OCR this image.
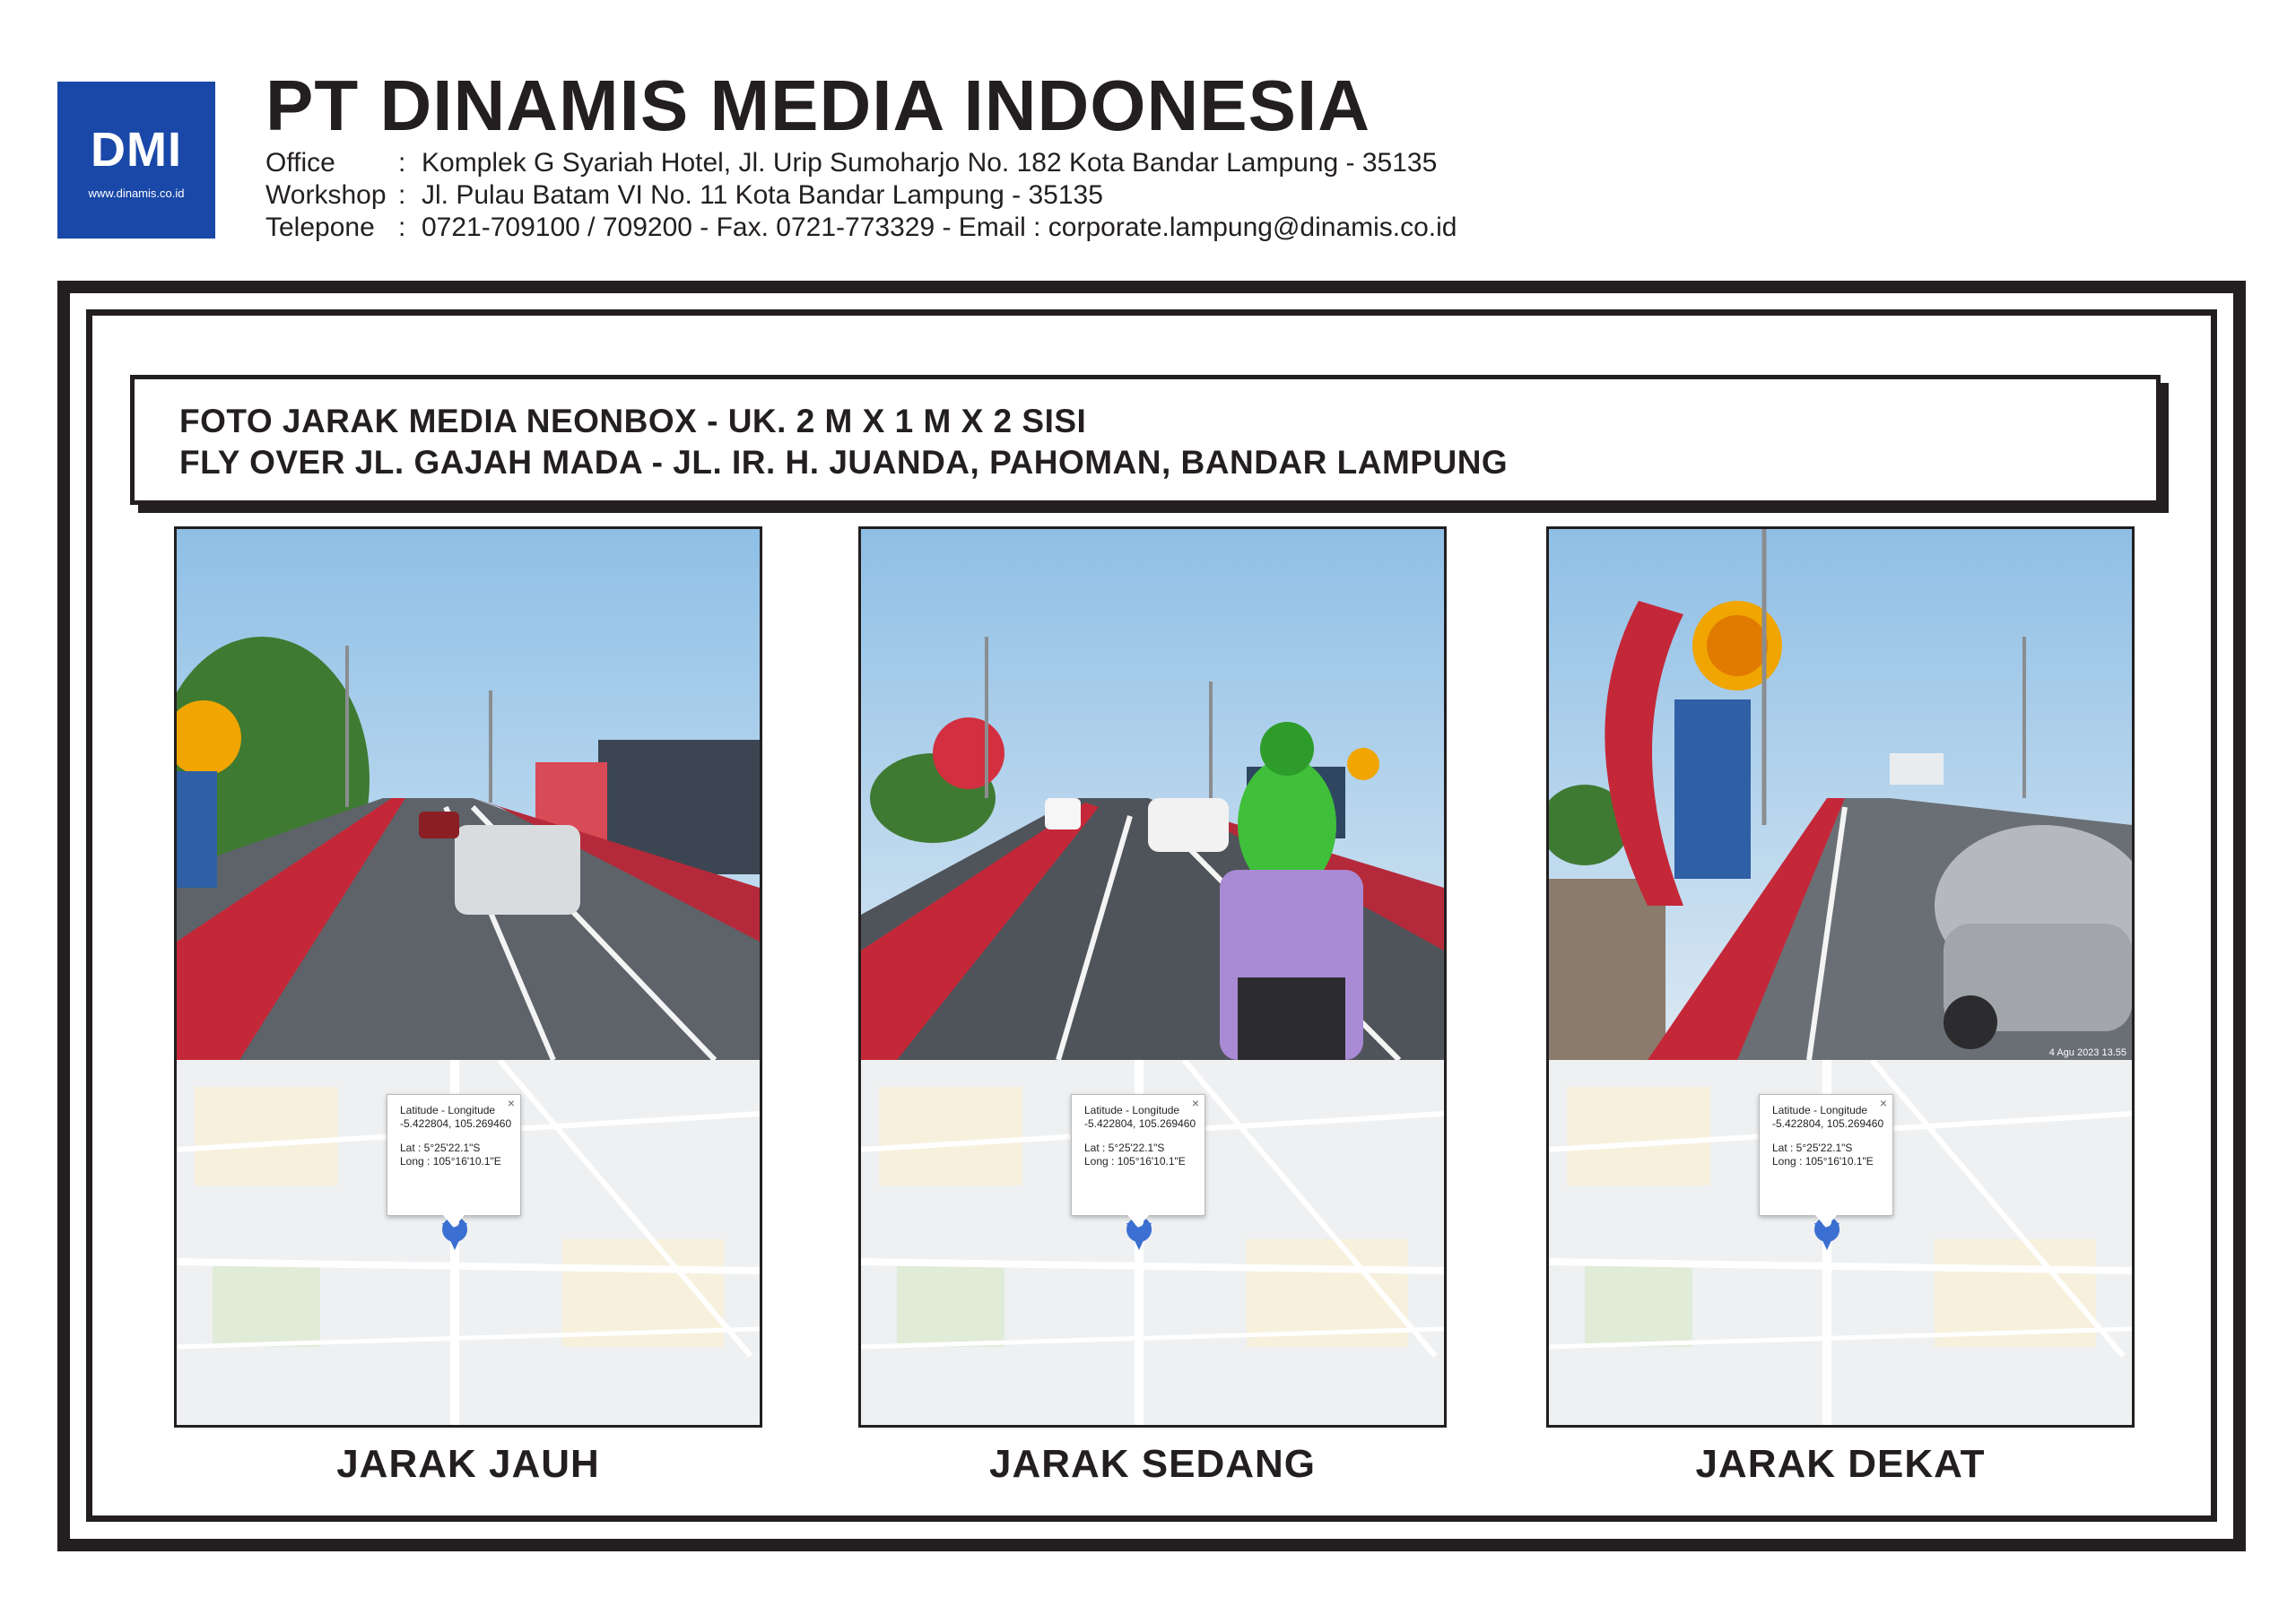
DMI
www.dinamis.co.id
PT DINAMIS MEDIA INDONESIA
Office	: Komplek G Syariah Hotel, Jl. Urip Sumoharjo No. 182 Kota Bandar Lampung - 35135
Workshop : Jl. Pulau Batam VI No. 11 Kota Bandar Lampung - 35135
Telepone : 0721-709100 / 709200 - Fax. 0721-773329 - Email : corporate.lampung@dinamis.co.id
FOTO JARAK MEDIA NEONBOX - UK. 2 M X 1 M X 2 SISI
FLY OVER JL. GAJAH MADA - JL. IR. H. JUANDA, PAHOMAN, BANDAR LAMPUNG
×

Latitude - Longitude

-5.422804, 105.269460

Lat : 5°25'22.1"S

Long : 105°16'10.1"E

×

Latitude - Longitude

-5.422804, 105.269460

Lat : 5°25'22.1"S

Long : 105°16'10.1"E

4 Agu 2023 13.55
×

Latitude - Longitude

-5.422804, 105.269460

Lat : 5°25'22.1"S

Long : 105°16'10.1"E

JARAK JAUH	JARAK SEDANG	JARAK DEKAT
